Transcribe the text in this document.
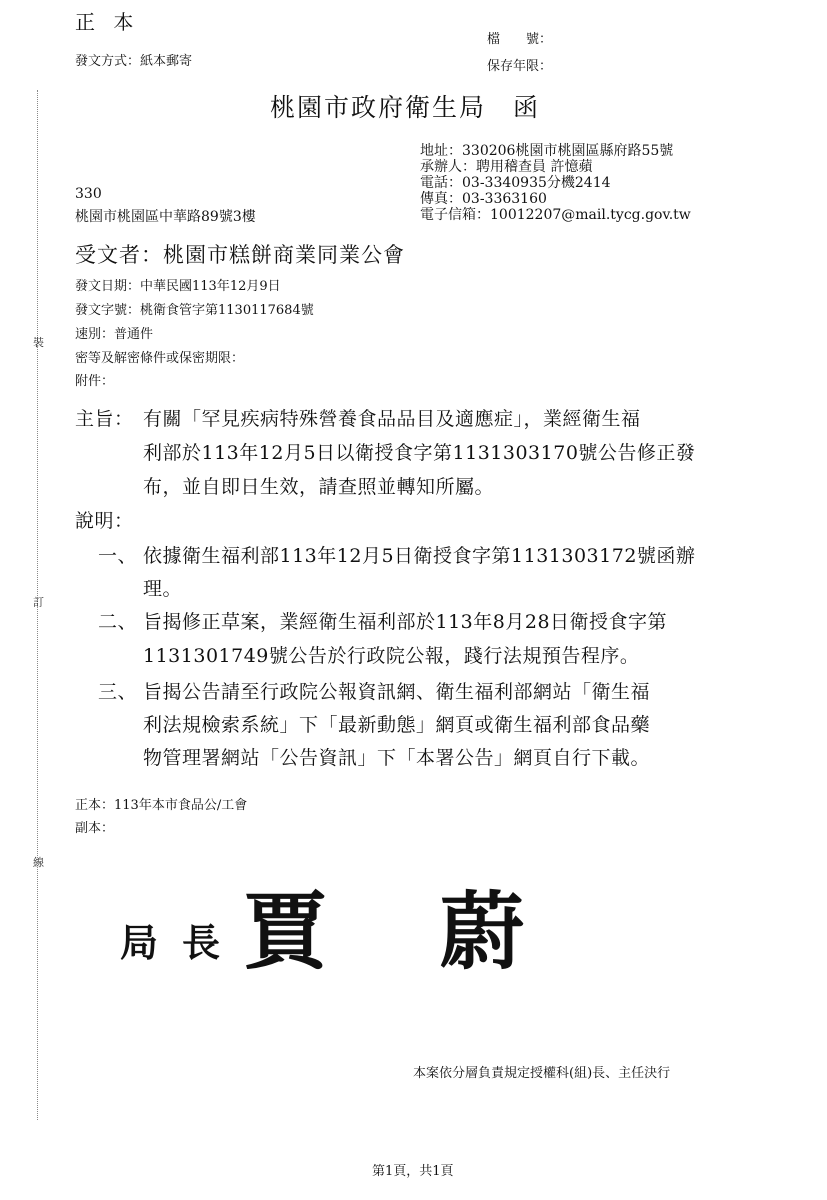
裝
訂
線
正 本
發文方式：紙本郵寄
檔　　號：
保存年限：
桃園市政府衛生局　函
地址：330206桃園市桃園區縣府路55號
承辦人：聘用稽查員 許憶蘋
電話：03-3340935分機2414
傳真：03-3363160
電子信箱：10012207@mail.tycg.gov.tw
330
桃園市桃園區中華路89號3樓
受文者：桃園市糕餅商業同業公會
發文日期：中華民國113年12月9日
發文字號：桃衛食管字第1130117684號
速別：普通件
密等及解密條件或保密期限：
附件：
主旨： 有關「罕見疾病特殊營養食品品目及適應症」，業經衛生福
利部於113年12月5日以衛授食字第1131303170號公告修正發
布，並自即日生效，請查照並轉知所屬。
說明：
一、 依據衛生福利部113年12月5日衛授食字第1131303172號函辦
理。
二、 旨揭修正草案，業經衛生福利部於113年8月28日衛授食字第
1131301749號公告於行政院公報，踐行法規預告程序。
三、 旨揭公告請至行政院公報資訊網、衛生福利部網站「衛生福
利法規檢索系統」下「最新動態」網頁或衛生福利部食品藥
物管理署網站「公告資訊」下「本署公告」網頁自行下載。
正本：113年本市食品公/工會
副本：
局 長 賈 蔚
本案依分層負責規定授權科(組)長、主任決行
第1頁，共1頁
